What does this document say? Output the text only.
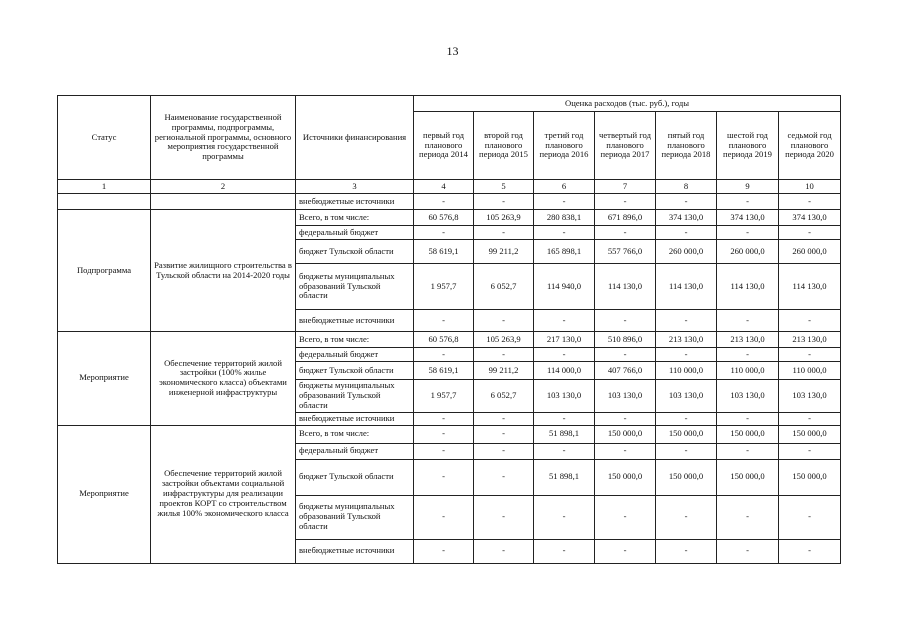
13
Статус	Наименование государственной программы, подпрограммы, региональной программы, основного мероприятия государственной программы	Источники финансирования	Оценка расходов (тыс. руб.), годы						
			первый год планового периода 2014	второй год планового периода 2015	третий год планового периода 2016	четвертый год планового периода 2017	пятый год планового периода 2018	шестой год планового периода 2019	седьмой год планового периода 2020
1	2	3	4	5	6	7	8	9	10
		внебюджетные источники	-	-	-	-	-	-	-
Подпрограмма	Развитие жилищного строительства в Тульской области на 2014-2020 годы	Всего, в том числе:	60 576,8	105 263,9	280 838,1	671 896,0	374 130,0	374 130,0	374 130,0
		федеральный бюджет	-	-	-	-	-	-	-
		бюджет Тульской области	58 619,1	99 211,2	165 898,1	557 766,0	260 000,0	260 000,0	260 000,0
		бюджеты муниципальных образований Тульской области	1 957,7	6 052,7	114 940,0	114 130,0	114 130,0	114 130,0	114 130,0
		внебюджетные источники	-	-	-	-	-	-	-
Мероприятие	Обеспечение территорий жилой застройки (100% жилье экономического класса) объектами инженерной инфраструктуры	Всего, в том числе:	60 576,8	105 263,9	217 130,0	510 896,0	213 130,0	213 130,0	213 130,0
		федеральный бюджет	-	-	-	-	-	-	-
		бюджет Тульской области	58 619,1	99 211,2	114 000,0	407 766,0	110 000,0	110 000,0	110 000,0
		бюджеты муниципальных образований Тульской области	1 957,7	6 052,7	103 130,0	103 130,0	103 130,0	103 130,0	103 130,0
		внебюджетные источники	-	-	-	-	-	-	-
Мероприятие	Обеспечение территорий жилой застройки объектами социальной инфраструктуры для реализации проектов КОРТ со строительством жилья 100% экономического класса	Всего, в том числе:	-	-	51 898,1	150 000,0	150 000,0	150 000,0	150 000,0
		федеральный бюджет	-	-	-	-	-	-	-
		бюджет Тульской области	-	-	51 898,1	150 000,0	150 000,0	150 000,0	150 000,0
		бюджеты муниципальных образований Тульской области	-	-	-	-	-	-	-
		внебюджетные источники	-	-	-	-	-	-	-
